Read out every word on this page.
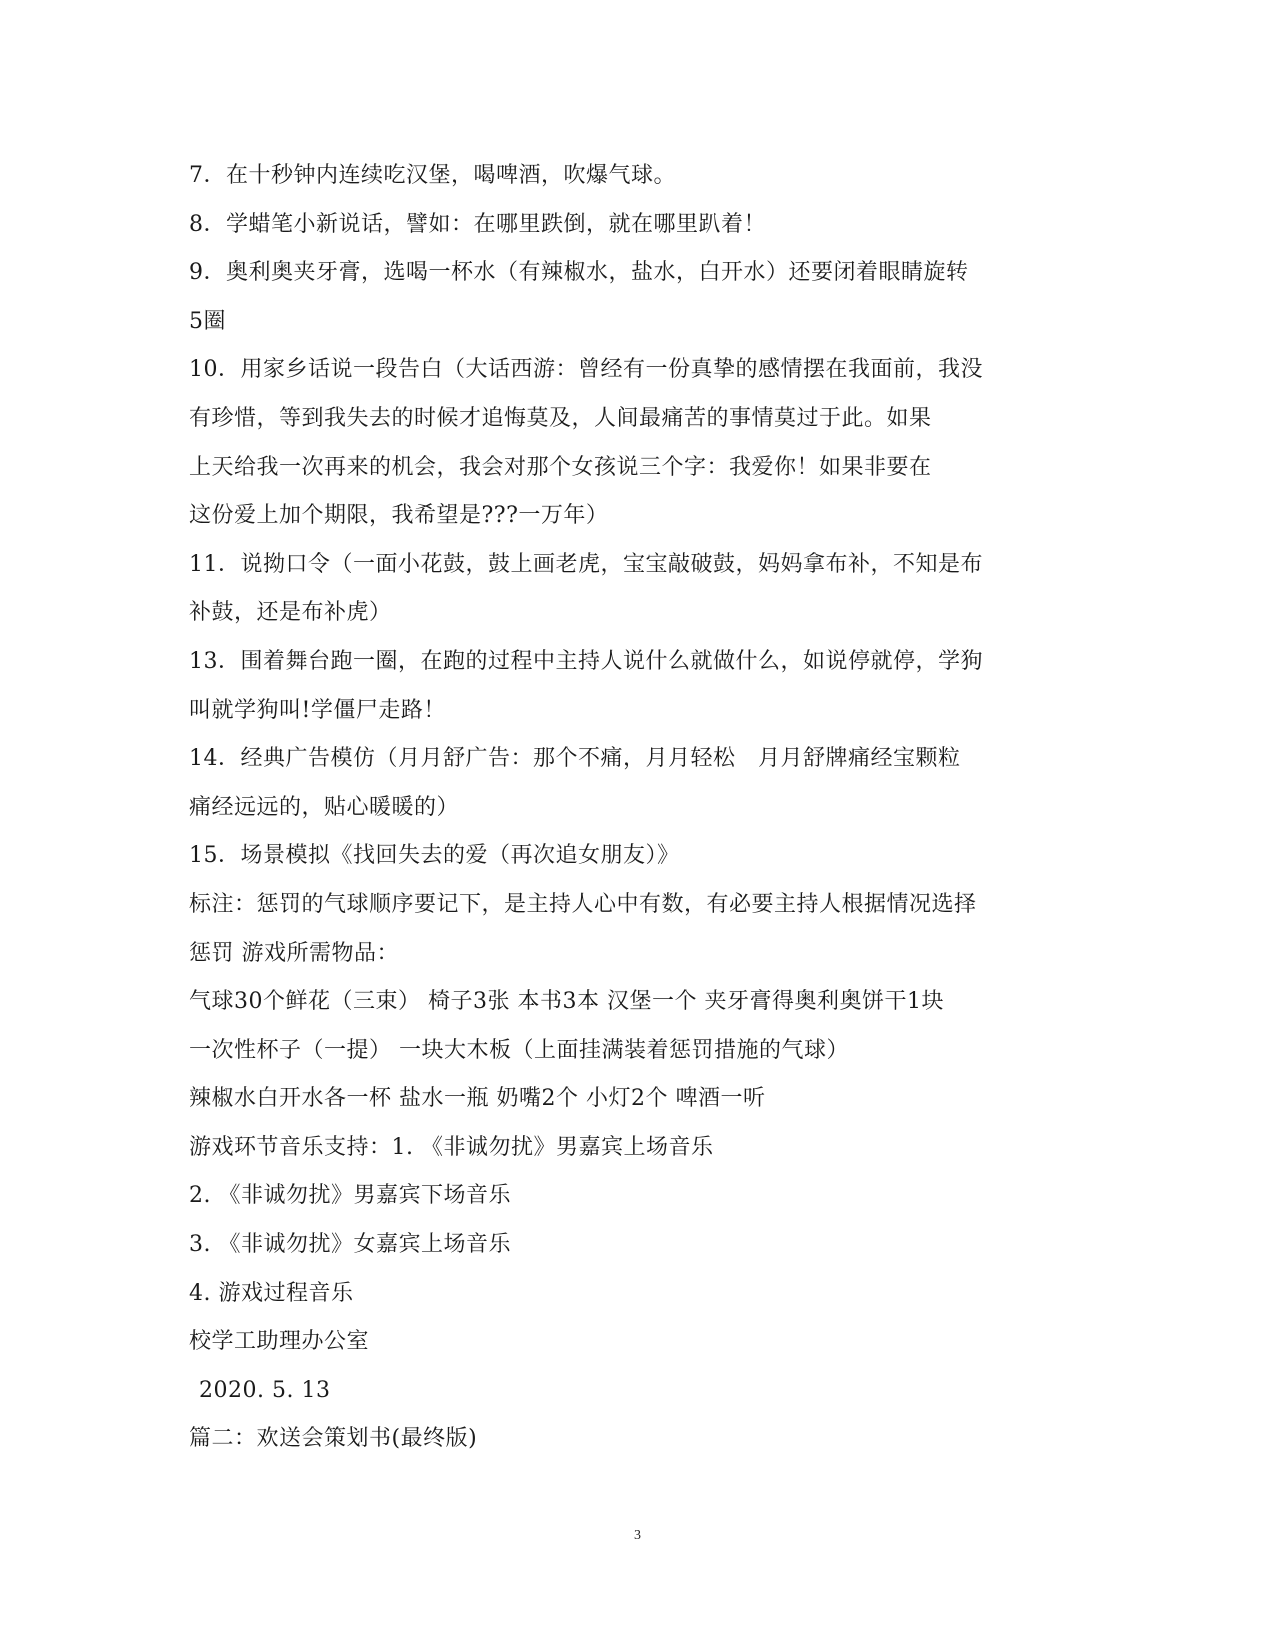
7．在十秒钟内连续吃汉堡，喝啤酒，吹爆气球。
8．学蜡笔小新说话，譬如：在哪里跌倒，就在哪里趴着！
9．奥利奥夹牙膏，选喝一杯水（有辣椒水，盐水，白开水）还要闭着眼睛旋转
5圈
10．用家乡话说一段告白（大话西游：曾经有一份真挚的感情摆在我面前，我没
有珍惜，等到我失去的时候才追悔莫及，人间最痛苦的事情莫过于此。如果
上天给我一次再来的机会，我会对那个女孩说三个字：我爱你！如果非要在
这份爱上加个期限，我希望是???一万年）
11．说拗口令（一面小花鼓，鼓上画老虎，宝宝敲破鼓，妈妈拿布补，不知是布
补鼓，还是布补虎）
13．围着舞台跑一圈，在跑的过程中主持人说什么就做什么，如说停就停，学狗
叫就学狗叫!学僵尸走路！
14．经典广告模仿（月月舒广告：那个不痛，月月轻松　月月舒牌痛经宝颗粒
痛经远远的，贴心暖暖的）
15．场景模拟《找回失去的爱（再次追女朋友）》
标注：惩罚的气球顺序要记下，是主持人心中有数，有必要主持人根据情况选择
惩罚 游戏所需物品：
气球30个鲜花（三束） 椅子3张 本书3本 汉堡一个 夹牙膏得奥利奥饼干1块
一次性杯子（一提） 一块大木板（上面挂满装着惩罚措施的气球）
辣椒水白开水各一杯 盐水一瓶 奶嘴2个 小灯2个 啤酒一听
游戏环节音乐支持：1. 《非诚勿扰》男嘉宾上场音乐
2. 《非诚勿扰》男嘉宾下场音乐
3. 《非诚勿扰》女嘉宾上场音乐
4. 游戏过程音乐
校学工助理办公室
2020. 5. 13
篇二：欢送会策划书(最终版)
3
